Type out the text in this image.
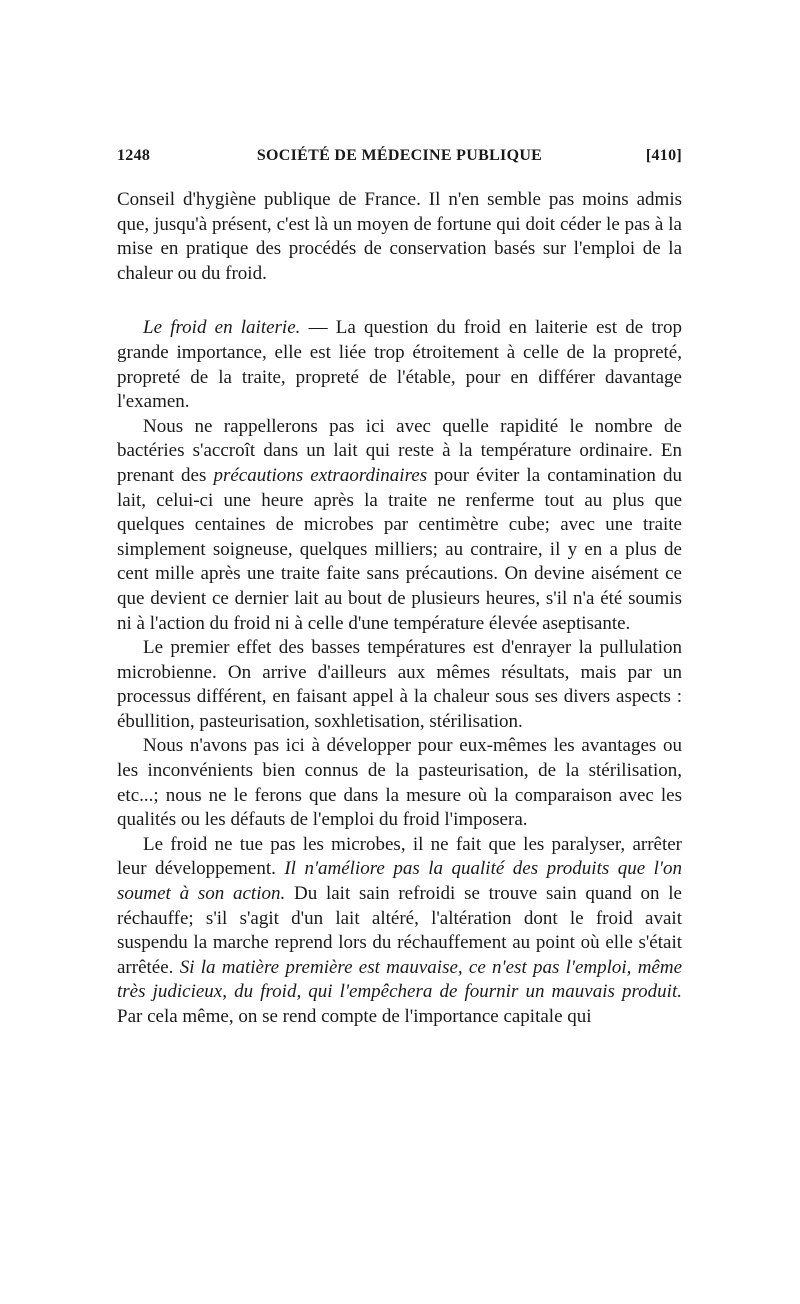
1248	SOCIÉTÉ DE MÉDECINE PUBLIQUE	[410]

Conseil d'hygiène publique de France. Il n'en semble pas moins admis que, jusqu'à présent, c'est là un moyen de fortune qui doit céder le pas à la mise en pratique des procédés de conservation basés sur l'emploi de la chaleur ou du froid.

Le froid en laiterie. — La question du froid en laiterie est de trop grande importance, elle est liée trop étroitement à celle de la propreté, propreté de la traite, propreté de l'étable, pour en différer davantage l'examen.

Nous ne rappellerons pas ici avec quelle rapidité le nombre de bactéries s'accroît dans un lait qui reste à la température ordinaire. En prenant des précautions extraordinaires pour éviter la contamination du lait, celui-ci une heure après la traite ne renferme tout au plus que quelques centaines de microbes par centimètre cube; avec une traite simplement soigneuse, quelques milliers; au contraire, il y en a plus de cent mille après une traite faite sans précautions. On devine aisément ce que devient ce dernier lait au bout de plusieurs heures, s'il n'a été soumis ni à l'action du froid ni à celle d'une température élevée aseptisante.

Le premier effet des basses températures est d'enrayer la pullulation microbienne. On arrive d'ailleurs aux mêmes résultats, mais par un processus différent, en faisant appel à la chaleur sous ses divers aspects : ébullition, pasteurisation, soxhletisation, stérilisation.

Nous n'avons pas ici à développer pour eux-mêmes les avantages ou les inconvénients bien connus de la pasteurisation, de la stérilisation, etc...; nous ne le ferons que dans la mesure où la comparaison avec les qualités ou les défauts de l'emploi du froid l'imposera.

Le froid ne tue pas les microbes, il ne fait que les paralyser, arrêter leur développement. Il n'améliore pas la qualité des produits que l'on soumet à son action. Du lait sain refroidi se trouve sain quand on le réchauffe; s'il s'agit d'un lait altéré, l'altération dont le froid avait suspendu la marche reprend lors du réchauffement au point où elle s'était arrêtée. Si la matière première est mauvaise, ce n'est pas l'emploi, même très judicieux, du froid, qui l'empêchera de fournir un mauvais produit. Par cela même, on se rend compte de l'importance capitale qui
